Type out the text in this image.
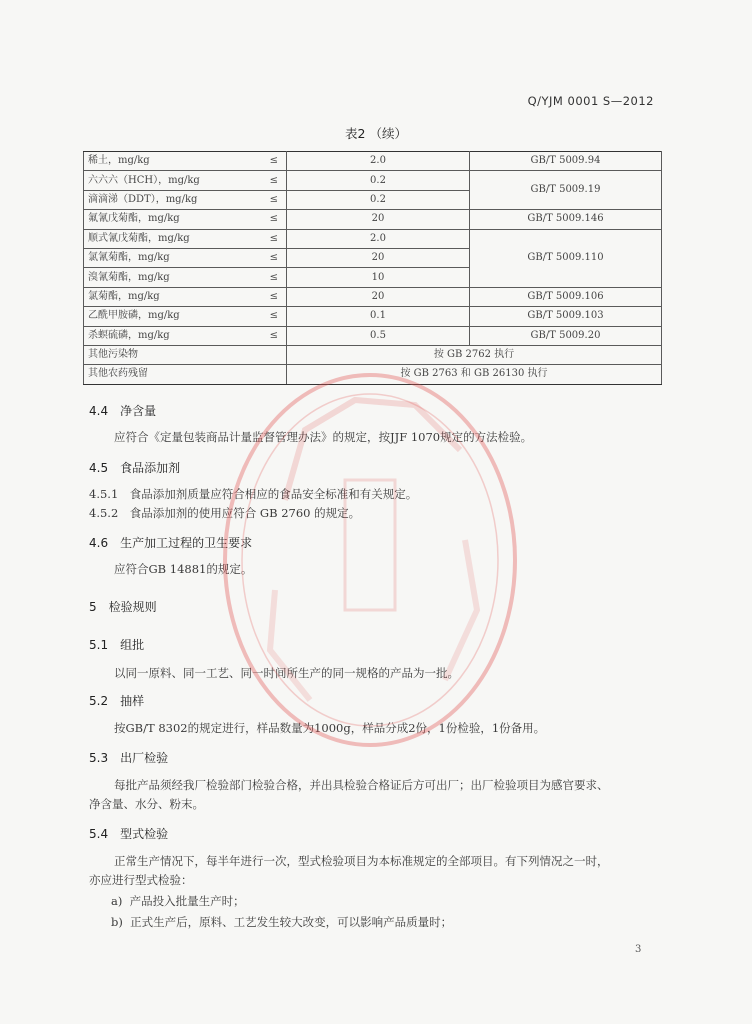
Q/YJM 0001 S—2012
表2 （续）
稀土，mg/kg	≤	2.0	GB/T 5009.94
六六六（HCH），mg/kg	≤	0.2	GB/T 5009.19
滴滴涕（DDT），mg/kg	≤	0.2	
氟氰戊菊酯，mg/kg	≤	20	GB/T 5009.146
顺式氰戊菊酯，mg/kg	≤	2.0	GB/T 5009.110
氯氰菊酯，mg/kg	≤	20	
溴氰菊酯，mg/kg	≤	10	
氯菊酯，mg/kg	≤	20	GB/T 5009.106
乙酰甲胺磷，mg/kg	≤	0.1	GB/T 5009.103
杀螟硫磷，mg/kg	≤	0.5	GB/T 5009.20
其他污染物		按 GB 2762 执行	
其他农药残留		按 GB 2763 和 GB 26130 执行	
4.4　净含量
应符合《定量包装商品计量监督管理办法》的规定，按JJF 1070规定的方法检验。
4.5　食品添加剂
4.5.1　食品添加剂质量应符合相应的食品安全标准和有关规定。
4.5.2　食品添加剂的使用应符合 GB 2760 的规定。
4.6　生产加工过程的卫生要求
应符合GB 14881的规定。
5　检验规则
5.1　组批
以同一原料、同一工艺、同一时间所生产的同一规格的产品为一批。
5.2　抽样
按GB/T 8302的规定进行，样品数量为1000g，样品分成2份，1份检验，1份备用。
5.3　出厂检验
每批产品须经我厂检验部门检验合格，并出具检验合格证后方可出厂；出厂检验项目为感官要求、
净含量、水分、粉末。
5.4　型式检验
正常生产情况下，每半年进行一次，型式检验项目为本标准规定的全部项目。有下列情况之一时，
亦应进行型式检验：
a) 产品投入批量生产时；
b) 正式生产后，原料、工艺发生较大改变，可以影响产品质量时；
3
